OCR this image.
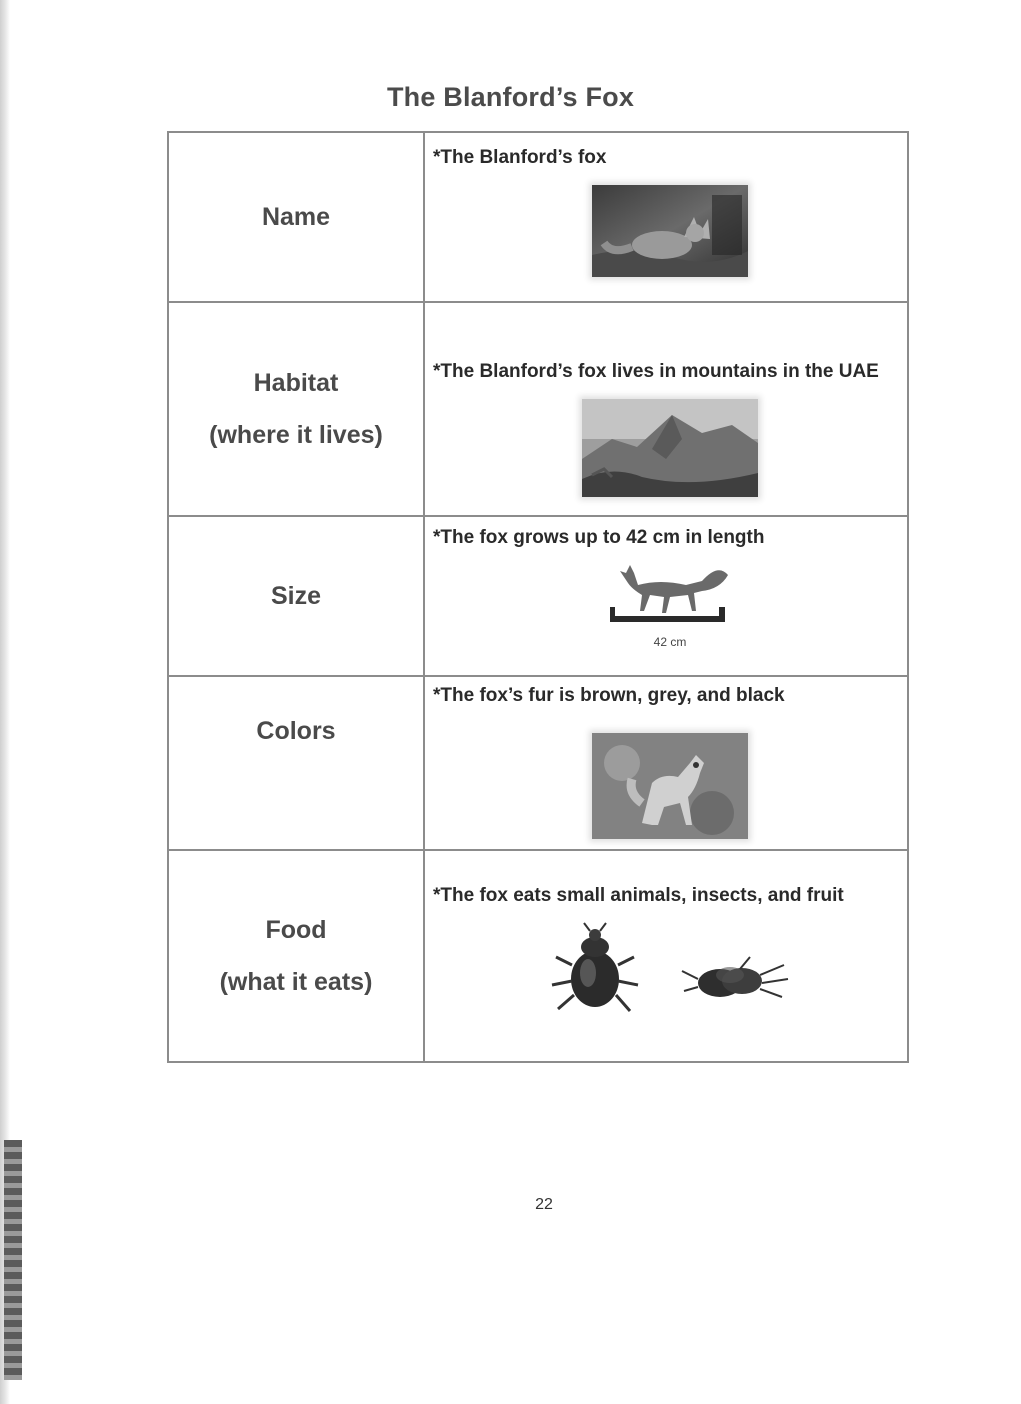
The Blanford’s Fox
Name	*The Blanford’s fox

Habitat
(where it lives)	*The Blanford’s fox lives in mountains in the UAE

Size	*The fox grows up to 42 cm in length
42 cm

Colors	*The fox’s fur is brown, grey, and black

Food
(what it eats)	*The fox eats small animals, insects, and fruit
22
